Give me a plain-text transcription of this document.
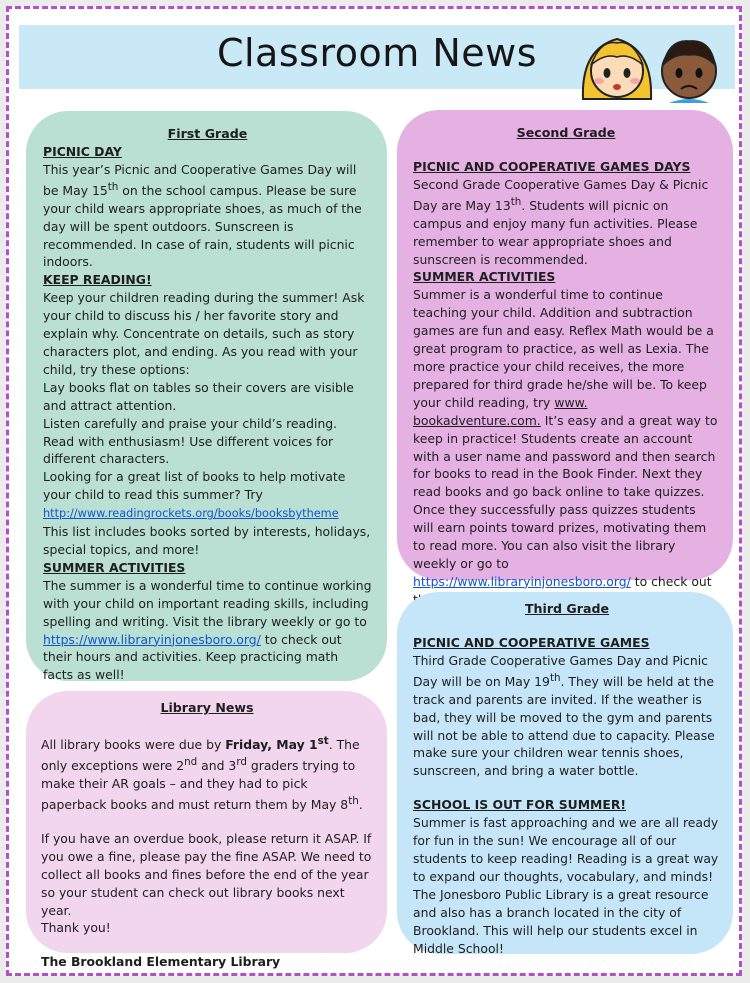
Classroom News

First Grade

PICNIC DAY

This year’s Picnic and Cooperative Games Day will be May 15th on the school campus. Please be sure your child wears appropriate shoes, as much of the day will be spent outdoors. Sunscreen is recommended. In case of rain, students will picnic indoors.

KEEP READING!

Keep your children reading during the summer! Ask your child to discuss his / her favorite story and explain why. Concentrate on details, such as story characters plot, and ending. As you read with your child, try these options:

Lay books flat on tables so their covers are visible and attract attention.

Listen carefully and praise your child’s reading.

Read with enthusiasm! Use different voices for different characters.

Looking for a great list of books to help motivate your child to read this summer? Try

http://www.readingrockets.org/books/booksbytheme

This list includes books sorted by interests, holidays, special topics, and more!

SUMMER ACTIVITIES

The summer is a wonderful time to continue working with your child on important reading skills, including spelling and writing. Visit the library weekly or go to https://www.libraryinjonesboro.org/ to check out their hours and activities. Keep practicing math facts as well!

Second Grade

PICNIC AND COOPERATIVE GAMES DAYS

Second Grade Cooperative Games Day & Picnic Day are May 13th. Students will picnic on campus and enjoy many fun activities. Please remember to wear appropriate shoes and sunscreen is recommended.

SUMMER ACTIVITIES

Summer is a wonderful time to continue teaching your child. Addition and subtraction games are fun and easy. Reflex Math would be a great program to practice, as well as Lexia. The more practice your child receives, the more prepared for third grade he/she will be. To keep your child reading, try www. bookadventure.com. It’s easy and a great way to keep in practice! Students create an account with a user name and password and then search for books to read in the Book Finder. Next they read books and go back online to take quizzes. Once they successfully pass quizzes students will earn points toward prizes, motivating them to read more. You can also visit the library weekly or go to https://www.libraryinjonesboro.org/ to check out

Library News

All library books were due by Friday, May 1st. The only exceptions were 2nd and 3rd graders trying to make their AR goals – and they had to pick paperback books and must return them by May 8th.

If you have an overdue book, please return it ASAP. If you owe a fine, please pay the fine ASAP. We need to collect all books and fines before the end of the year so your student can check out library books next year.

Thank you!

The Brookland Elementary Library

Third Grade

PICNIC AND COOPERATIVE GAMES

Third Grade Cooperative Games Day and Picnic Day will be on May 19th. They will be held at the track and parents are invited. If the weather is bad, they will be moved to the gym and parents will not be able to attend due to capacity. Please make sure your children wear tennis shoes, sunscreen, and bring a water bottle.

SCHOOL IS OUT FOR SUMMER!

Summer is fast approaching and we are all ready for fun in the sun! We encourage all of our students to keep reading! Reading is a great way to expand our thoughts, vocabulary, and minds! The Jonesboro Public Library is a great resource and also has a branch located in the city of Brookland. This will help our students excel in Middle School!
